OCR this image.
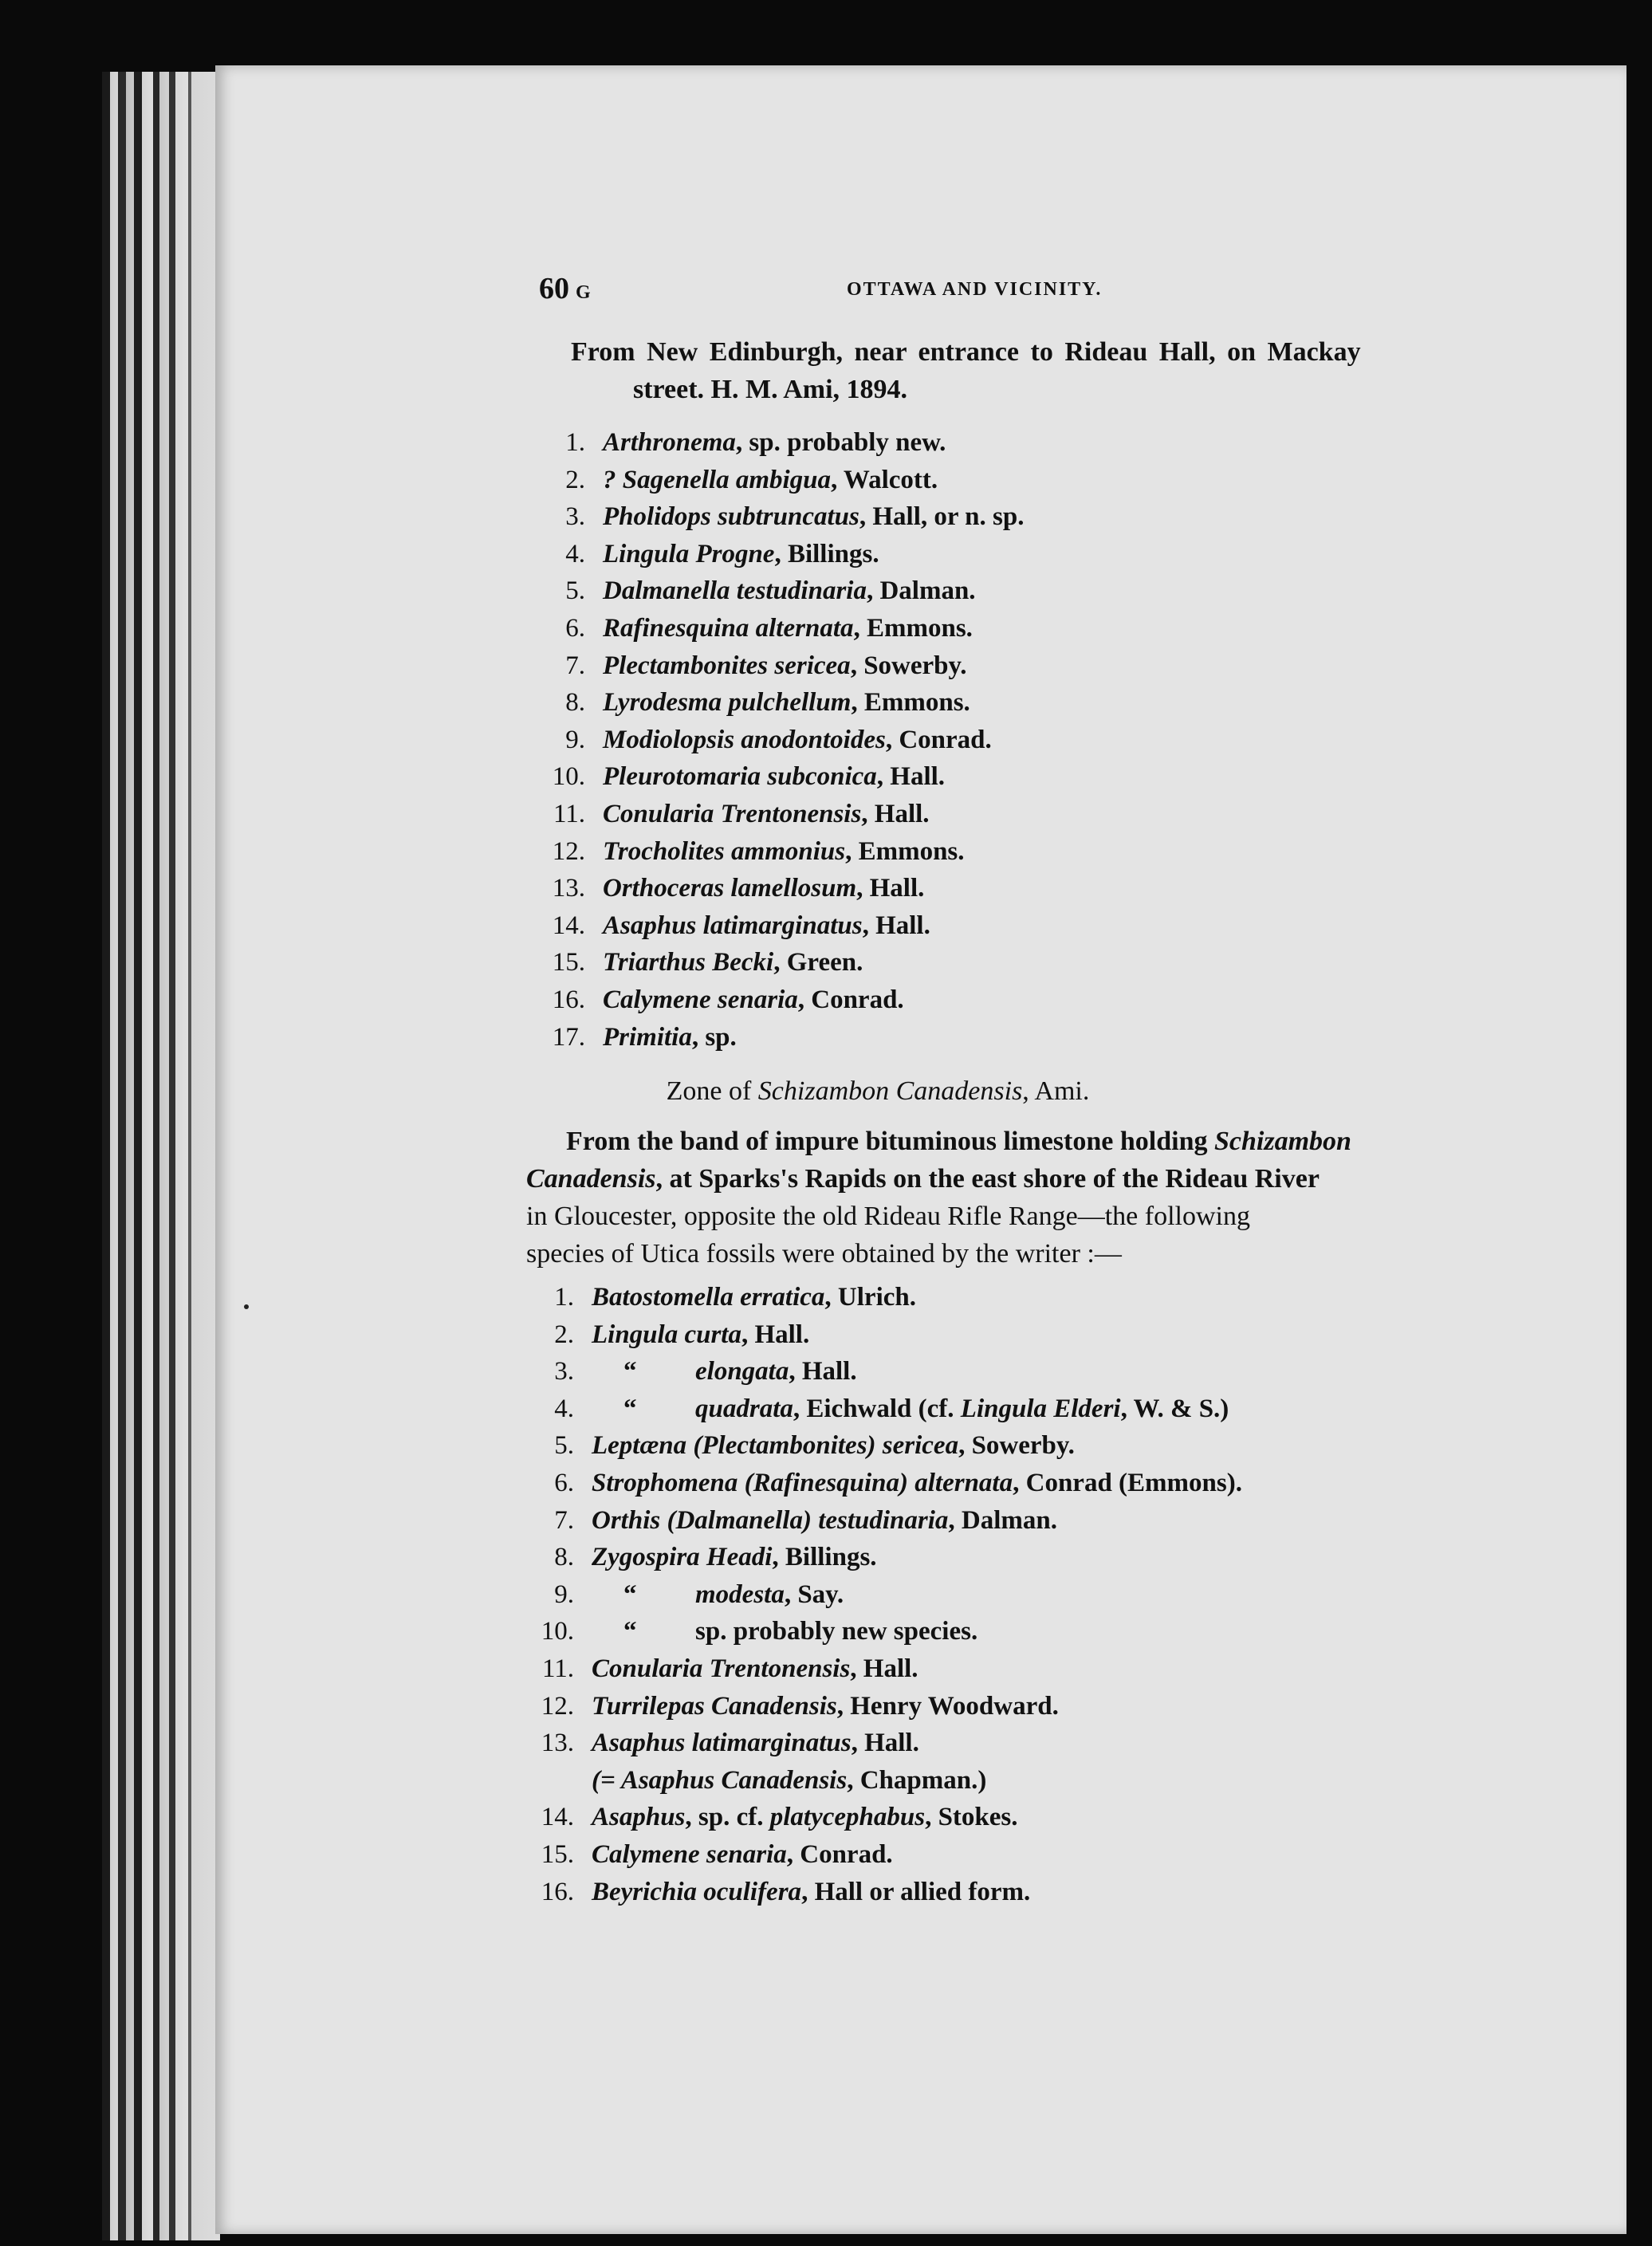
60 G	OTTAWA AND VICINITY.
From New Edinburgh, near entrance to Rideau Hall, on Mackay
street. H. M. Ami, 1894.
1. Arthronema, sp. probably new.
2. ? Sagenella ambigua, Walcott.
3. Pholidops subtruncatus, Hall, or n. sp.
4. Lingula Progne, Billings.
5. Dalmanella testudinaria, Dalman.
6. Rafinesquina alternata, Emmons.
7. Plectambonites sericea, Sowerby.
8. Lyrodesma pulchellum, Emmons.
9. Modiolopsis anodontoides, Conrad.
10. Pleurotomaria subconica, Hall.
11. Conularia Trentonensis, Hall.
12. Trocholites ammonius, Emmons.
13. Orthoceras lamellosum, Hall.
14. Asaphus latimarginatus, Hall.
15. Triarthus Becki, Green.
16. Calymene senaria, Conrad.
17. Primitia, sp.
Zone of Schizambon Canadensis, Ami.
From the band of impure bituminous limestone holding Schizambon
Canadensis, at Sparks's Rapids on the east shore of the Rideau River
in Gloucester, opposite the old Rideau Rifle Range—the following
species of Utica fossils were obtained by the writer :—
1. Batostomella erratica, Ulrich.
2. Lingula curta, Hall.
3. “ elongata, Hall.
4. “ quadrata, Eichwald (cf. Lingula Elderi, W. & S.)
5. Leptæna (Plectambonites) sericea, Sowerby.
6. Strophomena (Rafinesquina) alternata, Conrad (Emmons).
7. Orthis (Dalmanella) testudinaria, Dalman.
8. Zygospira Headi, Billings.
9. “ modesta, Say.
10. “ sp. probably new species.
11. Conularia Trentonensis, Hall.
12. Turrilepas Canadensis, Henry Woodward.
13. Asaphus latimarginatus, Hall.
(= Asaphus Canadensis, Chapman.)
14. Asaphus, sp. cf. platycephabus, Stokes.
15. Calymene senaria, Conrad.
16. Beyrichia oculifera, Hall or allied form.
